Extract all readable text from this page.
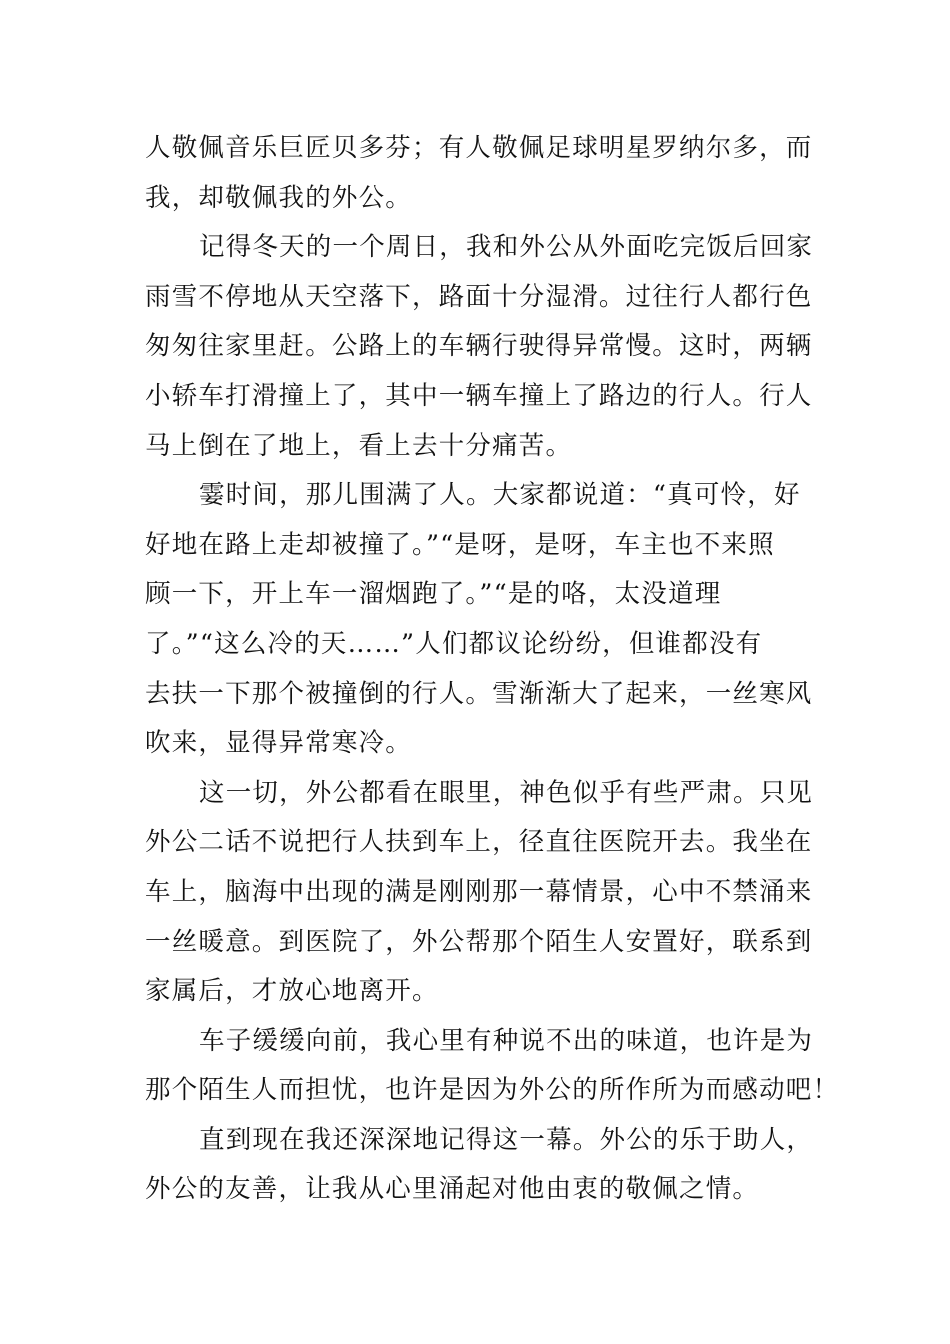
人敬佩音乐巨匠贝多芬；有人敬佩足球明星罗纳尔多，而
我，却敬佩我的外公。
记得冬天的一个周日，我和外公从外面吃完饭后回家
雨雪不停地从天空落下，路面十分湿滑。过往行人都行色
匆匆往家里赶。公路上的车辆行驶得异常慢。这时，两辆
小轿车打滑撞上了，其中一辆车撞上了路边的行人。行人
马上倒在了地上，看上去十分痛苦。
霎时间，那儿围满了人。大家都说道：“真可怜，好
好地在路上走却被撞了。”“是呀，是呀，车主也不来照
顾一下，开上车一溜烟跑了。”“是的咯，太没道理
了。”“这么冷的天……”人们都议论纷纷，但谁都没有
去扶一下那个被撞倒的行人。雪渐渐大了起来，一丝寒风
吹来，显得异常寒冷。
这一切，外公都看在眼里，神色似乎有些严肃。只见
外公二话不说把行人扶到车上，径直往医院开去。我坐在
车上，脑海中出现的满是刚刚那一幕情景，心中不禁涌来
一丝暖意。到医院了，外公帮那个陌生人安置好，联系到
家属后，才放心地离开。
车子缓缓向前，我心里有种说不出的味道，也许是为
那个陌生人而担忧，也许是因为外公的所作所为而感动吧！
直到现在我还深深地记得这一幕。外公的乐于助人，
外公的友善，让我从心里涌起对他由衷的敬佩之情。
